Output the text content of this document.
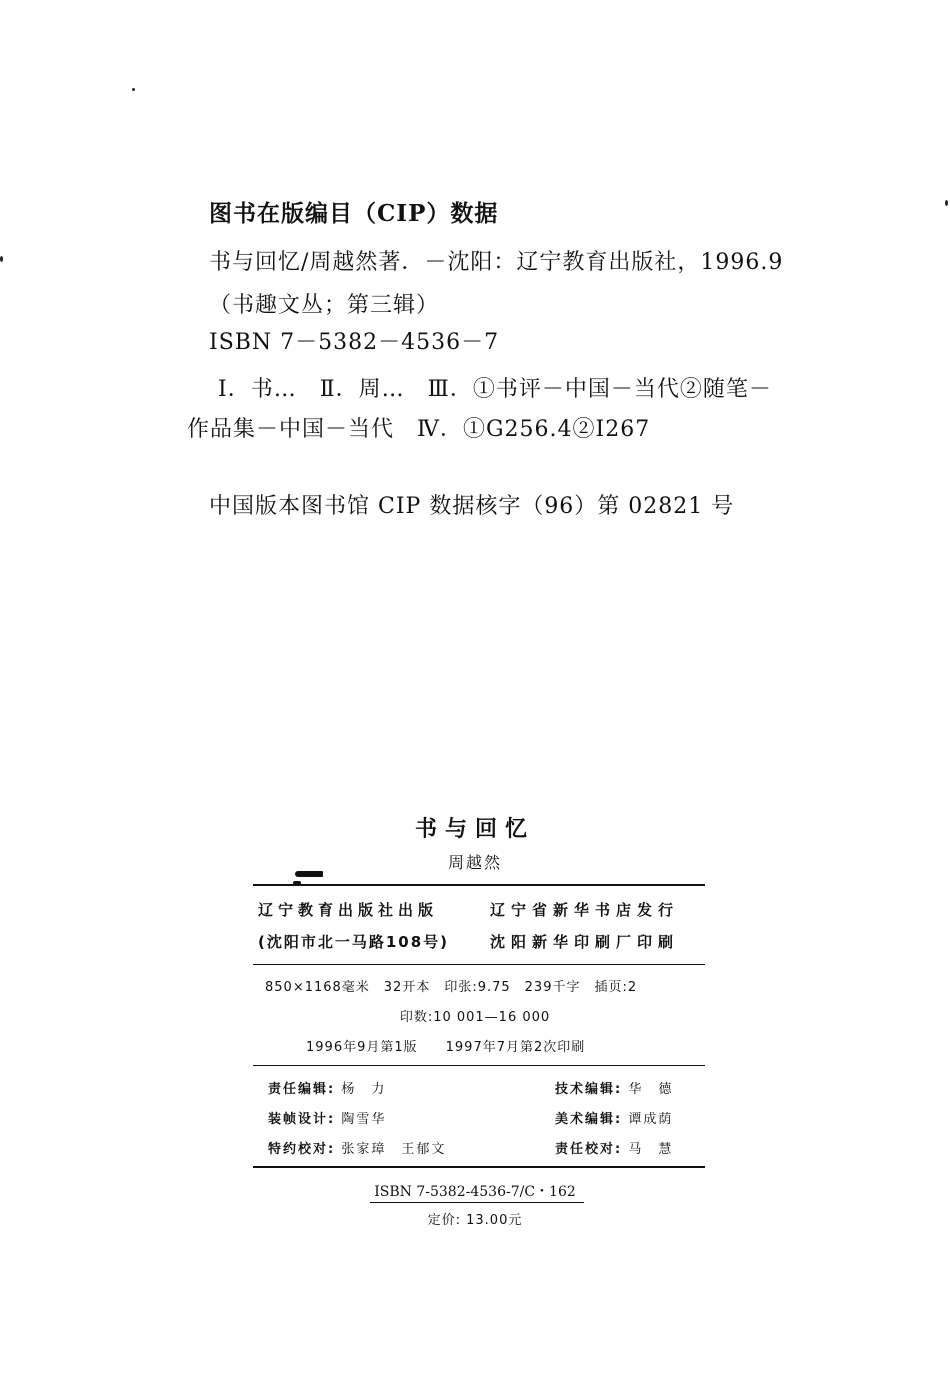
图书在版编目（CIP）数据
书与回忆/周越然著．－沈阳：辽宁教育出版社，1996.9
（书趣文丛；第三辑）
ISBN 7－5382－4536－7
Ⅰ．书…　Ⅱ．周…　Ⅲ．①书评－中国－当代②随笔－
作品集－中国－当代　Ⅳ．①G256.4②I267
中国版本图书馆 CIP 数据核字（96）第 02821 号
书与回忆
周越然
辽宁教育出版社出版	辽宁省新华书店发行
(沈阳市北一马路108号)	沈阳新华印刷厂印刷
850×1168毫米　32开本　印张:9.75　239千字　插页:2
印数:10 001—16 000
1996年9月第1版　　1997年7月第2次印刷
责任编辑: 杨　力	技术编辑: 华　德
装帧设计: 陶雪华	美术编辑: 谭成荫
特约校对: 张家璋　王郁文	责任校对: 马　慧
ISBN 7-5382-4536-7/C・162
定价: 13.00元
